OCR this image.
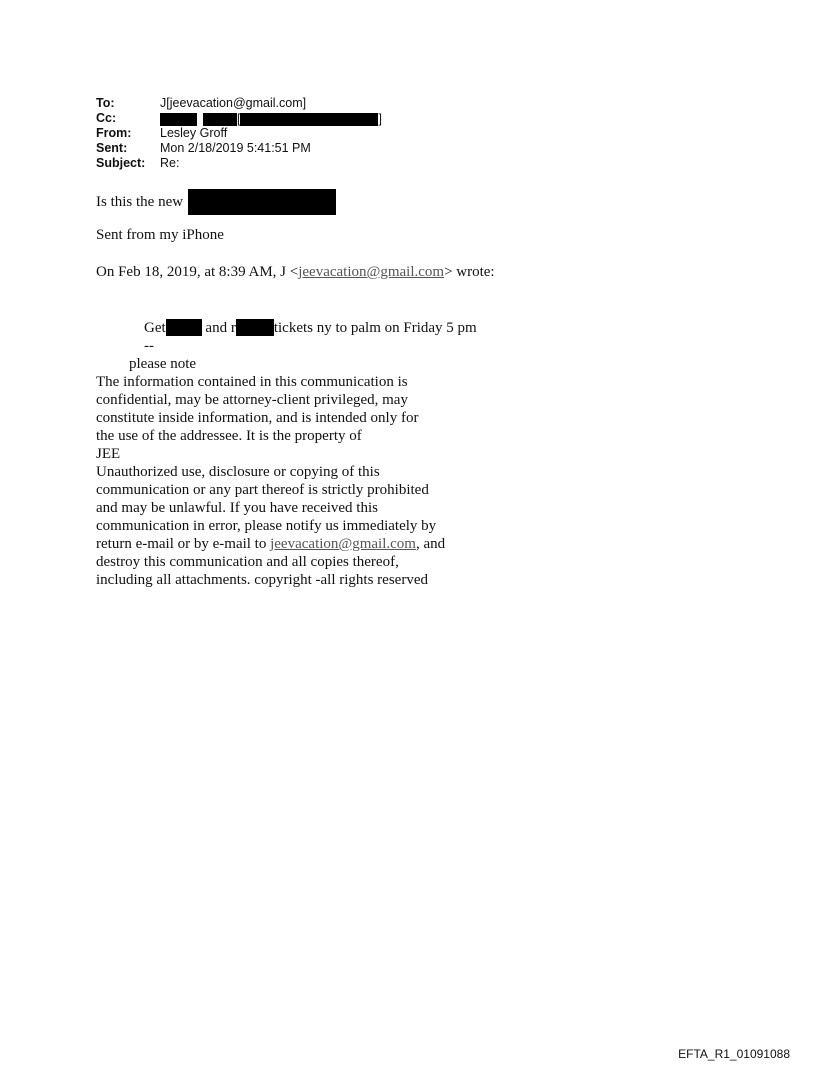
To:	J[jeevacation@gmail.com]
Cc:	[	]
From: Lesley Groff
Sent:	Mon 2/18/2019 5:41:51 PM
Subject: Re:
Is this the new
Sent from my iPhone
On Feb 18, 2019, at 8:39 AM, J <jeevacation@gmail.com> wrote:
Get	and r	tickets ny to palm on Friday 5 pm
--
please note
The information contained in this communication is
confidential, may be attorney-client privileged, may
constitute inside information, and is intended only for
the use of the addressee. It is the property of
JEE
Unauthorized use, disclosure or copying of this
communication or any part thereof is strictly prohibited
and may be unlawful. If you have received this
communication in error, please notify us immediately by
return e-mail or by e-mail to jeevacation@gmail.com, and
destroy this communication and all copies thereof,
including all attachments. copyright -all rights reserved
EFTA_R1_01091088
